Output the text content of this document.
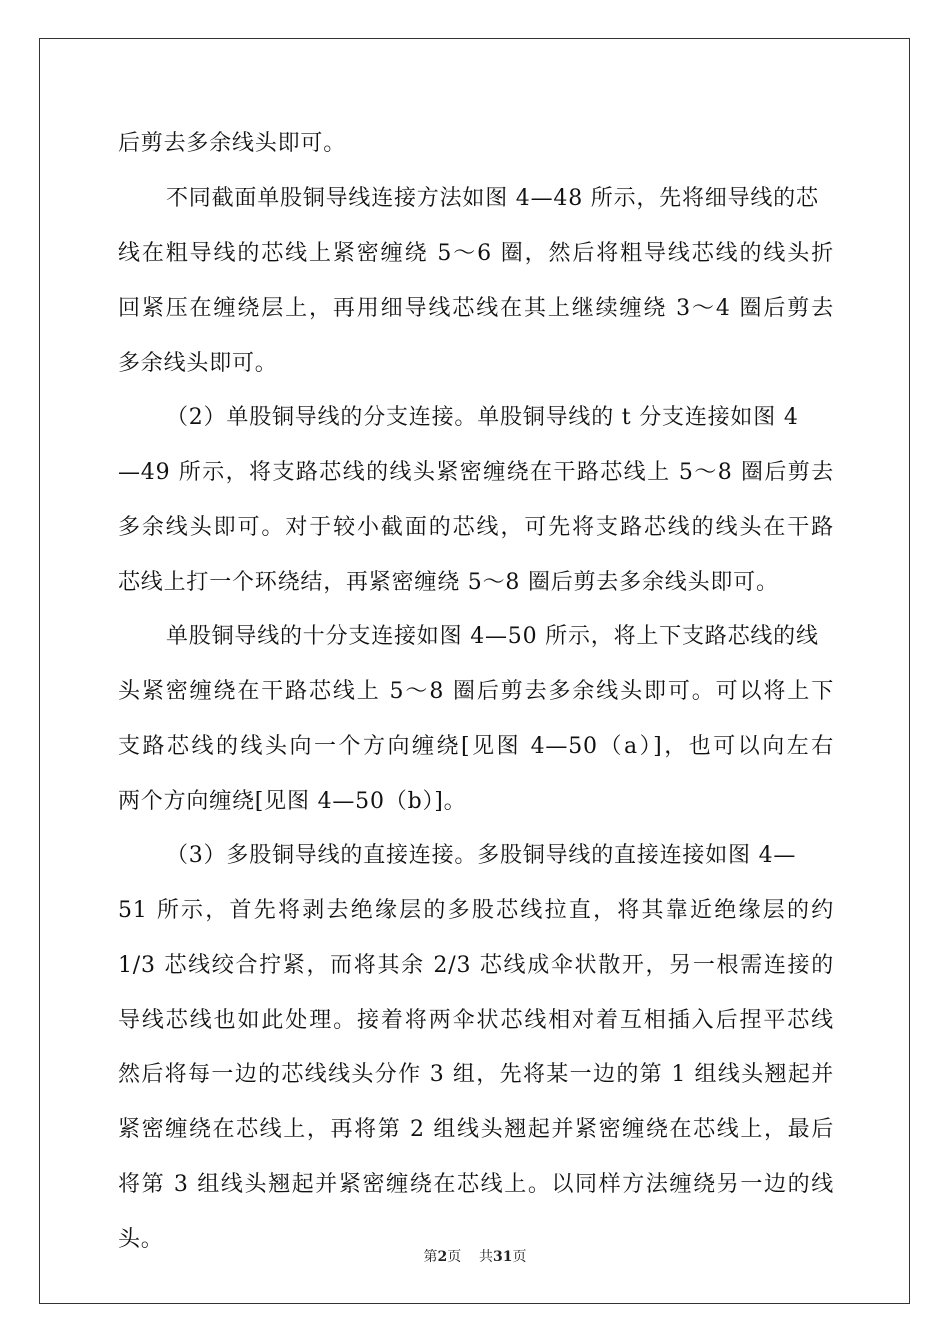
后剪去多余线头即可。
不同截面单股铜导线连接方法如图 4—48 所示，先将细导线的芯
线在粗导线的芯线上紧密缠绕 5～6 圈，然后将粗导线芯线的线头折
回紧压在缠绕层上，再用细导线芯线在其上继续缠绕 3～4 圈后剪去
多余线头即可。
（2）单股铜导线的分支连接。单股铜导线的 t 分支连接如图 4
—49 所示，将支路芯线的线头紧密缠绕在干路芯线上 5～8 圈后剪去
多余线头即可。对于较小截面的芯线，可先将支路芯线的线头在干路
芯线上打一个环绕结，再紧密缠绕 5～8 圈后剪去多余线头即可。
单股铜导线的十分支连接如图 4—50 所示，将上下支路芯线的线
头紧密缠绕在干路芯线上 5～8 圈后剪去多余线头即可。可以将上下
支路芯线的线头向一个方向缠绕[见图 4—50（a）]，也可以向左右
两个方向缠绕[见图 4—50（b）]。
（3）多股铜导线的直接连接。多股铜导线的直接连接如图 4—
51 所示，首先将剥去绝缘层的多股芯线拉直，将其靠近绝缘层的约
1/3 芯线绞合拧紧，而将其余 2/3 芯线成伞状散开，另一根需连接的
导线芯线也如此处理。接着将两伞状芯线相对着互相插入后捏平芯线
然后将每一边的芯线线头分作 3 组，先将某一边的第 1 组线头翘起并
紧密缠绕在芯线上，再将第 2 组线头翘起并紧密缠绕在芯线上，最后
将第 3 组线头翘起并紧密缠绕在芯线上。以同样方法缠绕另一边的线
头。
第2页 共31页
